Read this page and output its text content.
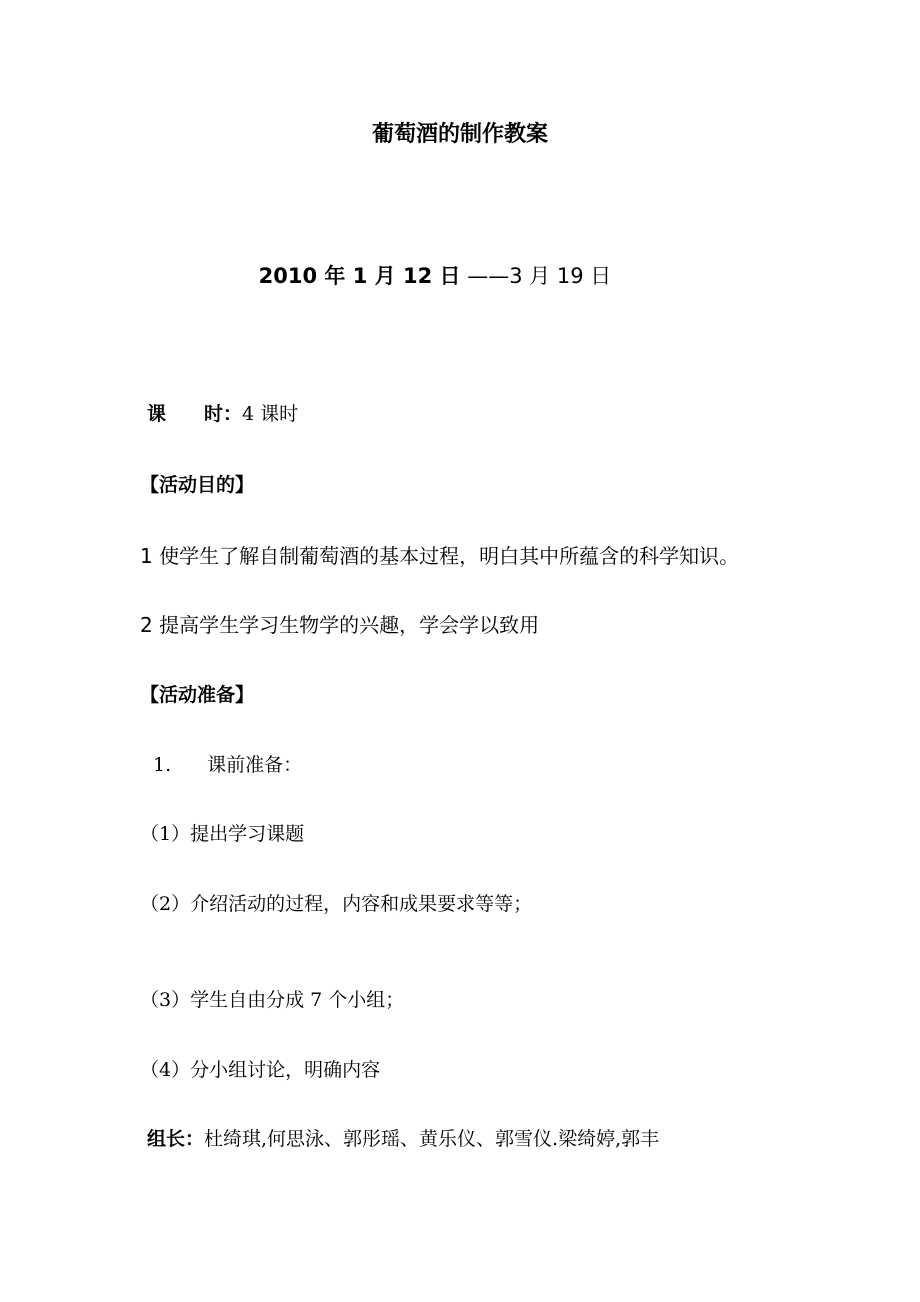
葡萄酒的制作教案
2010 年 1 月 12 日 ——3 月 19 日
课　　时：4 课时
【活动目的】
1 使学生了解自制葡萄酒的基本过程，明白其中所蕴含的科学知识。
2 提高学生学习生物学的兴趣，学会学以致用
【活动准备】
1. 课前准备：
（1）提出学习课题
（2）介绍活动的过程，内容和成果要求等等；
（3）学生自由分成 7 个小组；
（4）分小组讨论，明确内容
组长：杜绮琪,何思泳、郭彤瑶、黄乐仪、郭雪仪.梁绮婷,郭丰
